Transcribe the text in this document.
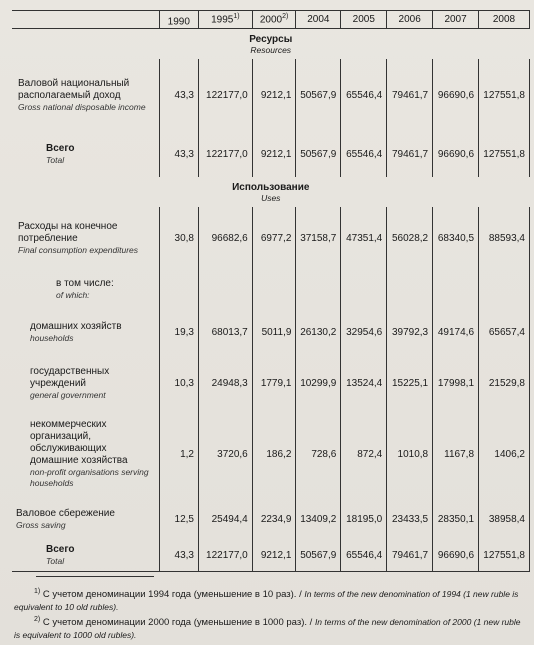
	1990	1995$^{1)}$	2000$^{2)}$	2004	2005	2006	2007	2008

Ресурсы
Resources								

Валовой национальный располагаемый доход
Gross national disposable income	43,3	122177,0	9212,1	50567,9	65546,4	79461,7	96690,6	127551,8

Всего
Total	43,3	122177,0	9212,1	50567,9	65546,4	79461,7	96690,6	127551,8

Использование
Uses								

Расходы на конечное потребление
Final consumption expenditures	30,8	96682,6	6977,2	37158,7	47351,4	56028,2	68340,5	88593,4

в том числе:
of which:								

домашних хозяйств
households	19,3	68013,7	5011,9	26130,2	32954,6	39792,3	49174,6	65657,4

государственных учреждений
general government	10,3	24948,3	1779,1	10299,9	13524,4	15225,1	17998,1	21529,8

некоммерческих организаций, обслуживающих домашние хозяйства
non-profit organisations serving households	1,2	3720,6	186,2	728,6	872,4	1010,8	1167,8	1406,2

Валовое сбережение
Gross saving	12,5	25494,4	2234,9	13409,2	18195,0	23433,5	28350,1	38958,4

Всего
Total	43,3	122177,0	9212,1	50567,9	65546,4	79461,7	96690,6	127551,8
$^{1)}$ С учетом деноминации 1994 года (уменьшение в 10 раз). / In terms of the new denomination of 1994 (1 new ruble is equivalent to 10 old rubles).
$^{2)}$ С учетом деноминации 2000 года (уменьшение в 1000 раз). / In terms of the new denomination of 2000 (1 new ruble is equivalent to 1000 old rubles).
